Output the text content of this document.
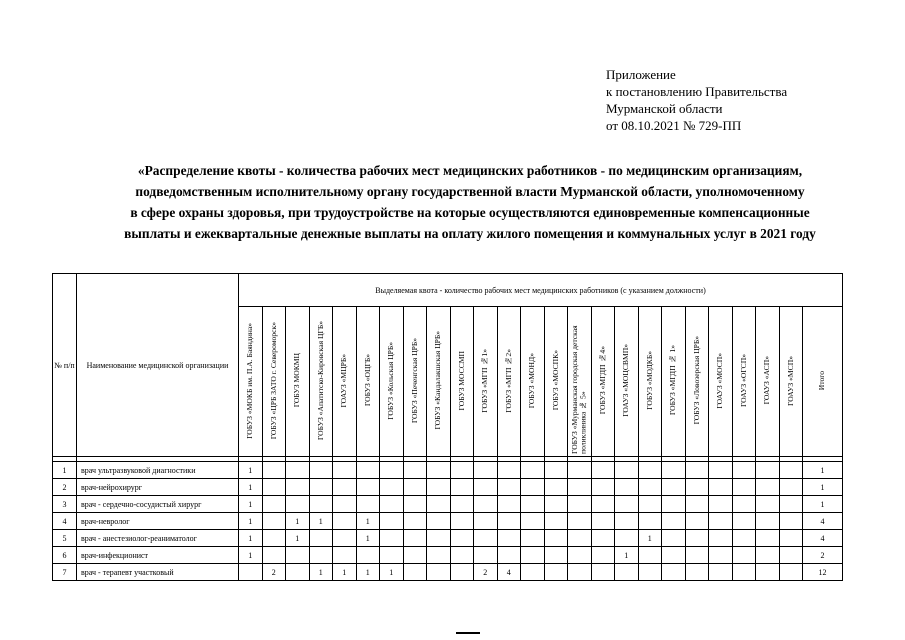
Приложение
к постановлению Правительства
Мурманской области
от 08.10.2021 № 729-ПП
«Распределение квоты - количества рабочих мест медицинских работников - по медицинским организациям,
подведомственным исполнительному органу государственной власти Мурманской области, уполномоченному
в сфере охраны здоровья, при трудоустройстве на которые осуществляются единовременные компенсационные
выплаты и ежеквартальные денежные выплаты на оплату жилого помещения и коммунальных услуг в 2021 году
№ п/п	Наименование медицинской организации	Выделяемая квота - количество рабочих мест медицинских работников (с указанием должности)																								
		ГОБУЗ «МОКБ им. П.А. Баяндина»	ГОБУЗ «ЦРБ ЗАТО г. Североморск»	ГОБУЗ МОКМЦ	ГОБУЗ «Апатитско-Кировская ЦГБ»	ГОАУЗ «МЦРБ»	ГОБУЗ «ОЦГБ»	ГОБУЗ «Кольская ЦРБ»	ГОБУЗ «Печенгская ЦРБ»	ГОБУЗ «Кандалакшская ЦРБ»	ГОБУЗ МОССМП	ГОБУЗ «МГП №1»	ГОБУЗ «МГП №2»	ГОБУЗ «МОНД»	ГОБУЗ «МОСПК»	ГОБУЗ «Мурманская городская детская поликлиника № 5»	ГОБУЗ «МГДП №4»	ГОАУЗ «МОЦСВМП»	ГОБУЗ «МОДКБ»	ГОБУЗ «МГДП № 1»	ГОБУЗ «Ловозерская ЦРБ»	ГОАУЗ «МОСП»	ГОАУЗ «ОГСП»	ГОАУЗ «АСП»	ГОАУЗ «МСП»	Итого

1	врач ультразвуковой диагностики	1																								1
2	врач-нейрохирург	1																								1
3	врач - сердечно-сосудистый хирург	1																								1
4	врач-невролог	1		1	1		1																			4
5	врач - анестезиолог-реаниматолог	1		1			1												1							4
6	врач-инфекционист	1																1								2
7	врач - терапевт участковый		2		1	1	1	1				2	4													12
